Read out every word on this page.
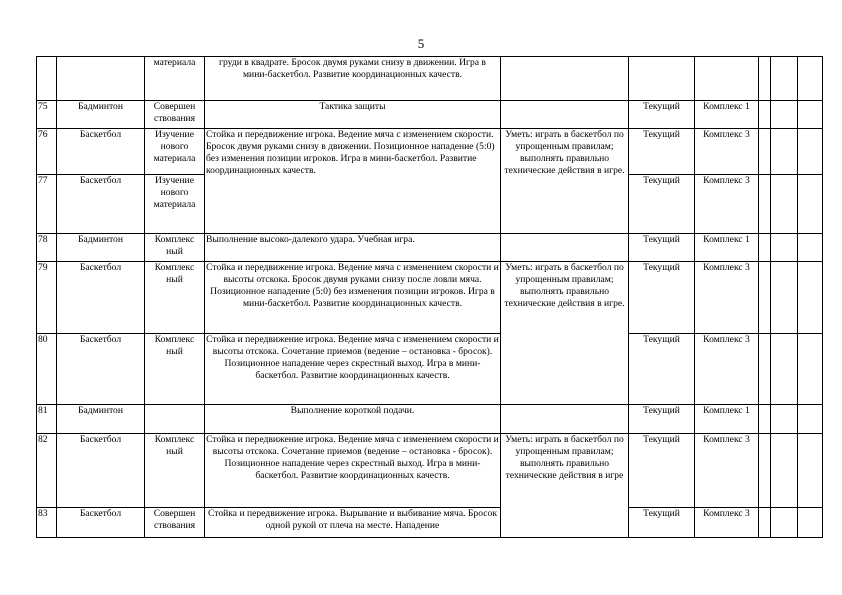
5
		материала	груди в квадрате. Бросок двумя руками снизу в движении. Игра в мини-баскетбол. Развитие координационных качеств.						
75	Бадминтон	Совершен ствования	Тактика защиты		Текущий	Комплекс 1			
76	Баскетбол	Изучение нового материала	Стойка и передвижение игрока. Ведение мяча с изменением скорости. Бросок двумя руками снизу в движении. Позиционное нападение (5:0) без изменения позиции игроков. Игра в мини-баскетбол. Развитие координационных качеств.	Уметь: играть в баскетбол по упрощенным правилам; выполнять правильно технические действия в игре.	Текущий	Комплекс 3			
77	Баскетбол	Изучение нового материала			Текущий	Комплекс 3			
78	Бадминтон	Комплекс ный	Выполнение высоко-далекого удара. Учебная игра.		Текущий	Комплекс 1			
79	Баскетбол	Комплекс ный	Стойка и передвижение игрока. Ведение мяча с изменением скорости и высоты отскока. Бросок двумя руками снизу после ловли мяча. Позиционное нападение (5:0) без изменения позиции игроков. Игра в мини-баскетбол. Развитие координационных качеств.	Уметь: играть в баскетбол по упрощенным правилам; выполнять правильно технические действия в игре.	Текущий	Комплекс 3			
80	Баскетбол	Комплекс ный	Стойка и передвижение игрока. Ведение мяча с изменением скорости и высоты отскока. Сочетание приемов (ведение – остановка - бросок). Позиционное нападение через скрестный выход. Игра в мини-баскетбол. Развитие координационных качеств.		Текущий	Комплекс 3			
81	Бадминтон		Выполнение короткой подачи.		Текущий	Комплекс 1			
82	Баскетбол	Комплекс ный	Стойка и передвижение игрока. Ведение мяча с изменением скорости и высоты отскока. Сочетание приемов (ведение – остановка - бросок). Позиционное нападение через скрестный выход. Игра в мини-баскетбол. Развитие координационных качеств.	Уметь: играть в баскетбол по упрощенным правилам; выполнять правильно технические действия в игре	Текущий	Комплекс 3			
83	Баскетбол	Совершен ствования	Стойка и передвижение игрока. Вырывание и выбивание мяча. Бросок одной рукой от плеча на месте. Нападение		Текущий	Комплекс 3			
